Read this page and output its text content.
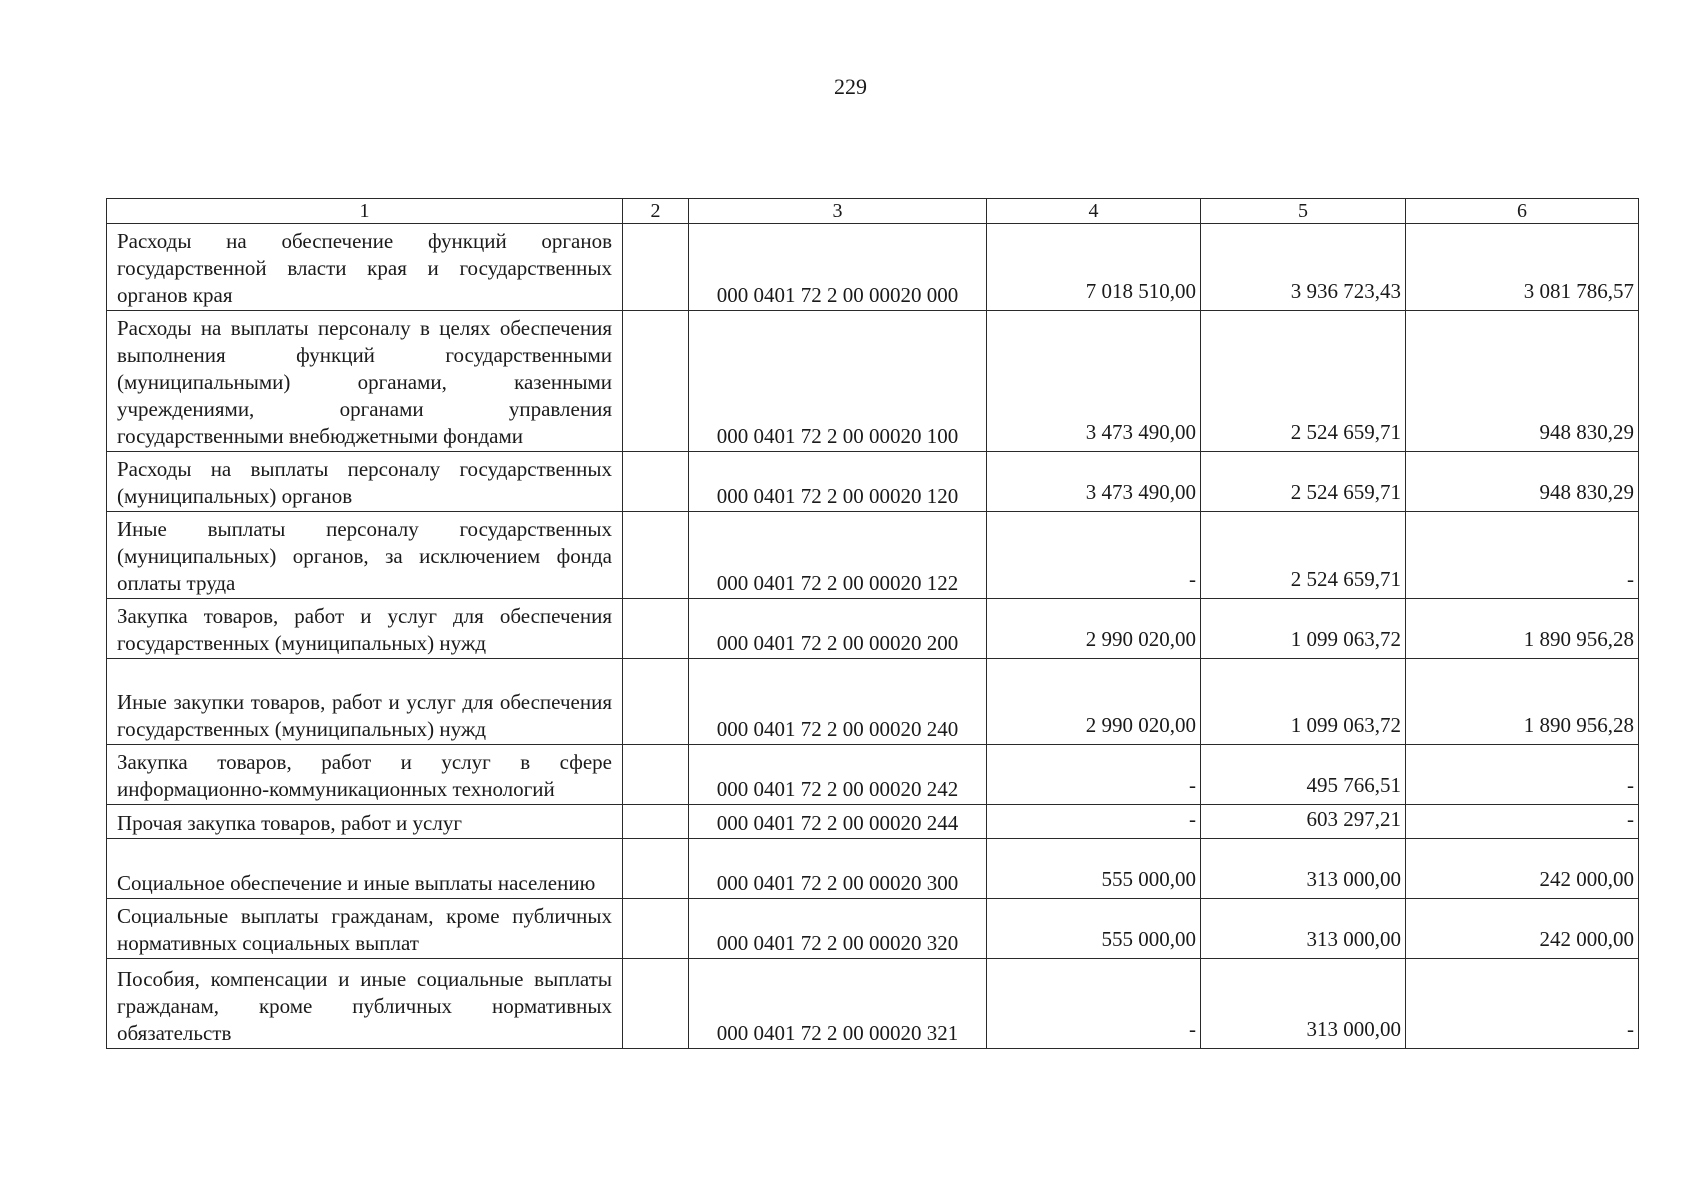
229
1	2	3	4	5	6
Расходы на обеспечение функций органов государственной власти края и государственных органов края		000 0401 72 2 00 00020 000	7 018 510,00	3 936 723,43	3 081 786,57
Расходы на выплаты персоналу в целях обеспечения выполнения функций государственными (муниципальными) органами, казенными учреждениями, органами управления государственными внебюджетными фондами		000 0401 72 2 00 00020 100	3 473 490,00	2 524 659,71	948 830,29
Расходы на выплаты персоналу государственных (муниципальных) органов		000 0401 72 2 00 00020 120	3 473 490,00	2 524 659,71	948 830,29
Иные выплаты персоналу государственных (муниципальных) органов, за исключением фонда оплаты труда		000 0401 72 2 00 00020 122	-	2 524 659,71	-
Закупка товаров, работ и услуг для обеспечения государственных (муниципальных) нужд		000 0401 72 2 00 00020 200	2 990 020,00	1 099 063,72	1 890 956,28
Иные закупки товаров, работ и услуг для обеспечения государственных (муниципальных) нужд		000 0401 72 2 00 00020 240	2 990 020,00	1 099 063,72	1 890 956,28
Закупка товаров, работ и услуг в сфере информационно-коммуникационных технологий		000 0401 72 2 00 00020 242	-	495 766,51	-
Прочая закупка товаров, работ и услуг		000 0401 72 2 00 00020 244	-	603 297,21	-
Социальное обеспечение и иные выплаты населению		000 0401 72 2 00 00020 300	555 000,00	313 000,00	242 000,00
Социальные выплаты гражданам, кроме публичных нормативных социальных выплат		000 0401 72 2 00 00020 320	555 000,00	313 000,00	242 000,00
Пособия, компенсации и иные социальные выплаты гражданам, кроме публичных нормативных обязательств		000 0401 72 2 00 00020 321	-	313 000,00	-
